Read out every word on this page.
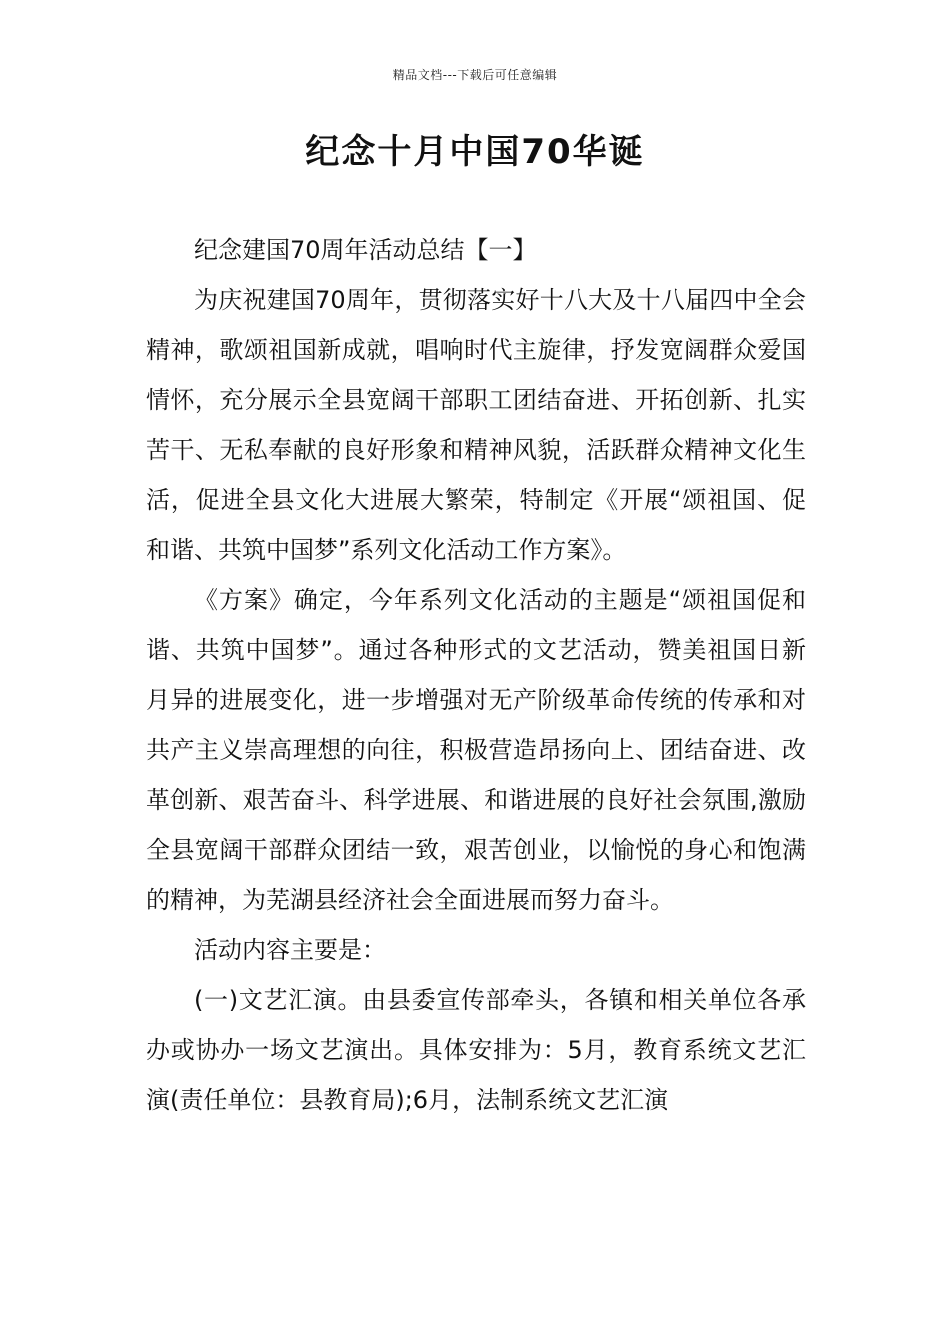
精品文档---下载后可任意编辑
纪念十月中国70华诞

纪念建国70周年活动总结【一】

为庆祝建国70周年，贯彻落实好十八大及十八届四中全会精神，歌颂祖国新成就，唱响时代主旋律，抒发宽阔群众爱国情怀，充分展示全县宽阔干部职工团结奋进、开拓创新、扎实苦干、无私奉献的良好形象和精神风貌，活跃群众精神文化生活，促进全县文化大进展大繁荣，特制定《开展“颂祖国、促和谐、共筑中国梦”系列文化活动工作方案》。

《方案》确定，今年系列文化活动的主题是“颂祖国促和谐、共筑中国梦”。通过各种形式的文艺活动，赞美祖国日新月异的进展变化，进一步增强对无产阶级革命传统的传承和对共产主义崇高理想的向往，积极营造昂扬向上、团结奋进、改革创新、艰苦奋斗、科学进展、和谐进展的良好社会氛围,激励全县宽阔干部群众团结一致，艰苦创业，以愉悦的身心和饱满的精神，为芜湖县经济社会全面进展而努力奋斗。

活动内容主要是：

(一)文艺汇演。由县委宣传部牵头，各镇和相关单位各承办或协办一场文艺演出。具体安排为：5月，教育系统文艺汇演(责任单位：县教育局);6月，法制系统文艺汇演
